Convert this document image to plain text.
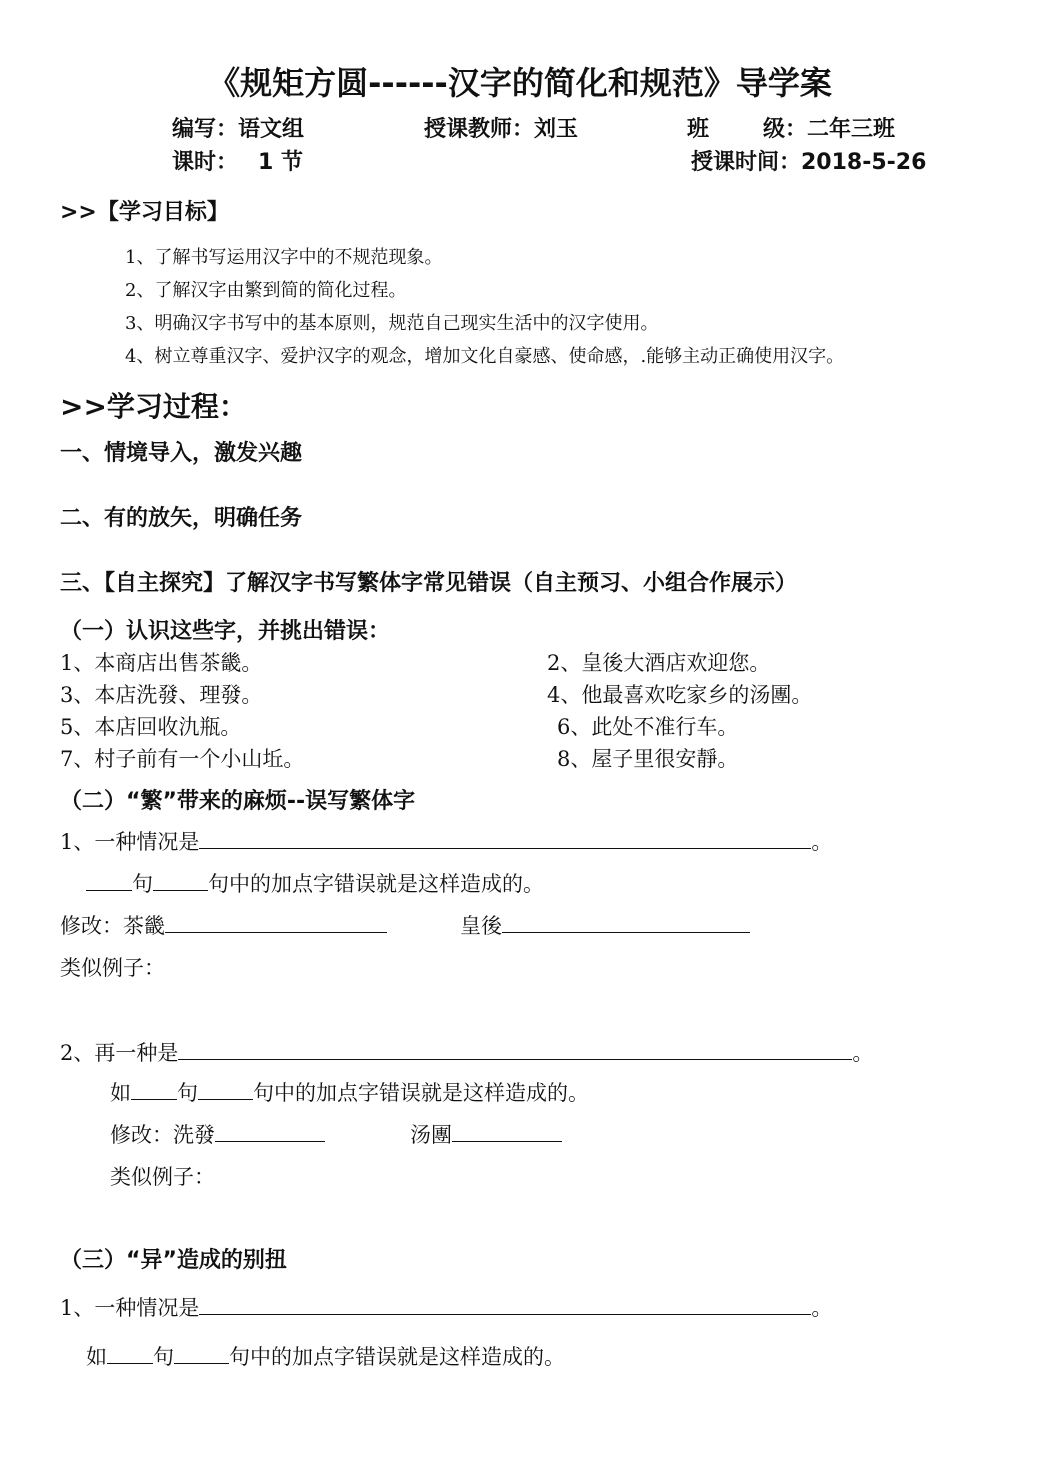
《规矩方圆------汉字的简化和规范》导学案
编写：语文组	授课教师：刘玉	班 级：二年三班
课时： 1 节	授课时间：2018-5-26
>>【学习目标】
1、了解书写运用汉字中的不规范现象。
2、了解汉字由繁到简的简化过程。
3、明确汉字书写中的基本原则，规范自己现实生活中的汉字使用。
4、树立尊重汉字、爱护汉字的观念，增加文化自豪感、使命感，.能够主动正确使用汉字。
>>学习过程：
一、情境导入，激发兴趣
二、有的放矢，明确任务
三、【自主探究】了解汉字书写繁体字常见错误（自主预习、小组合作展示）
（一）认识这些字，并挑出错误：
1、本商店出售茶畿。	2、皇後大酒店欢迎您。
3、本店洗發、理發。	4、他最喜欢吃家乡的汤團。
5、本店回收氿瓶。	6、此处不准行车。
7、村子前有一个小山坵。	8、屋子里很安靜。
（二）“繁”带来的麻烦--误写繁体字
1、一种情况是	。
句	句中的加点字错误就是这样造成的。
修改：茶畿	皇後
类似例子：
2、再一种是	。
如 句	句中的加点字错误就是这样造成的。
修改：洗發	汤團
类似例子：
（三）“异”造成的别扭
1、一种情况是	。
如 句	句中的加点字错误就是这样造成的。
